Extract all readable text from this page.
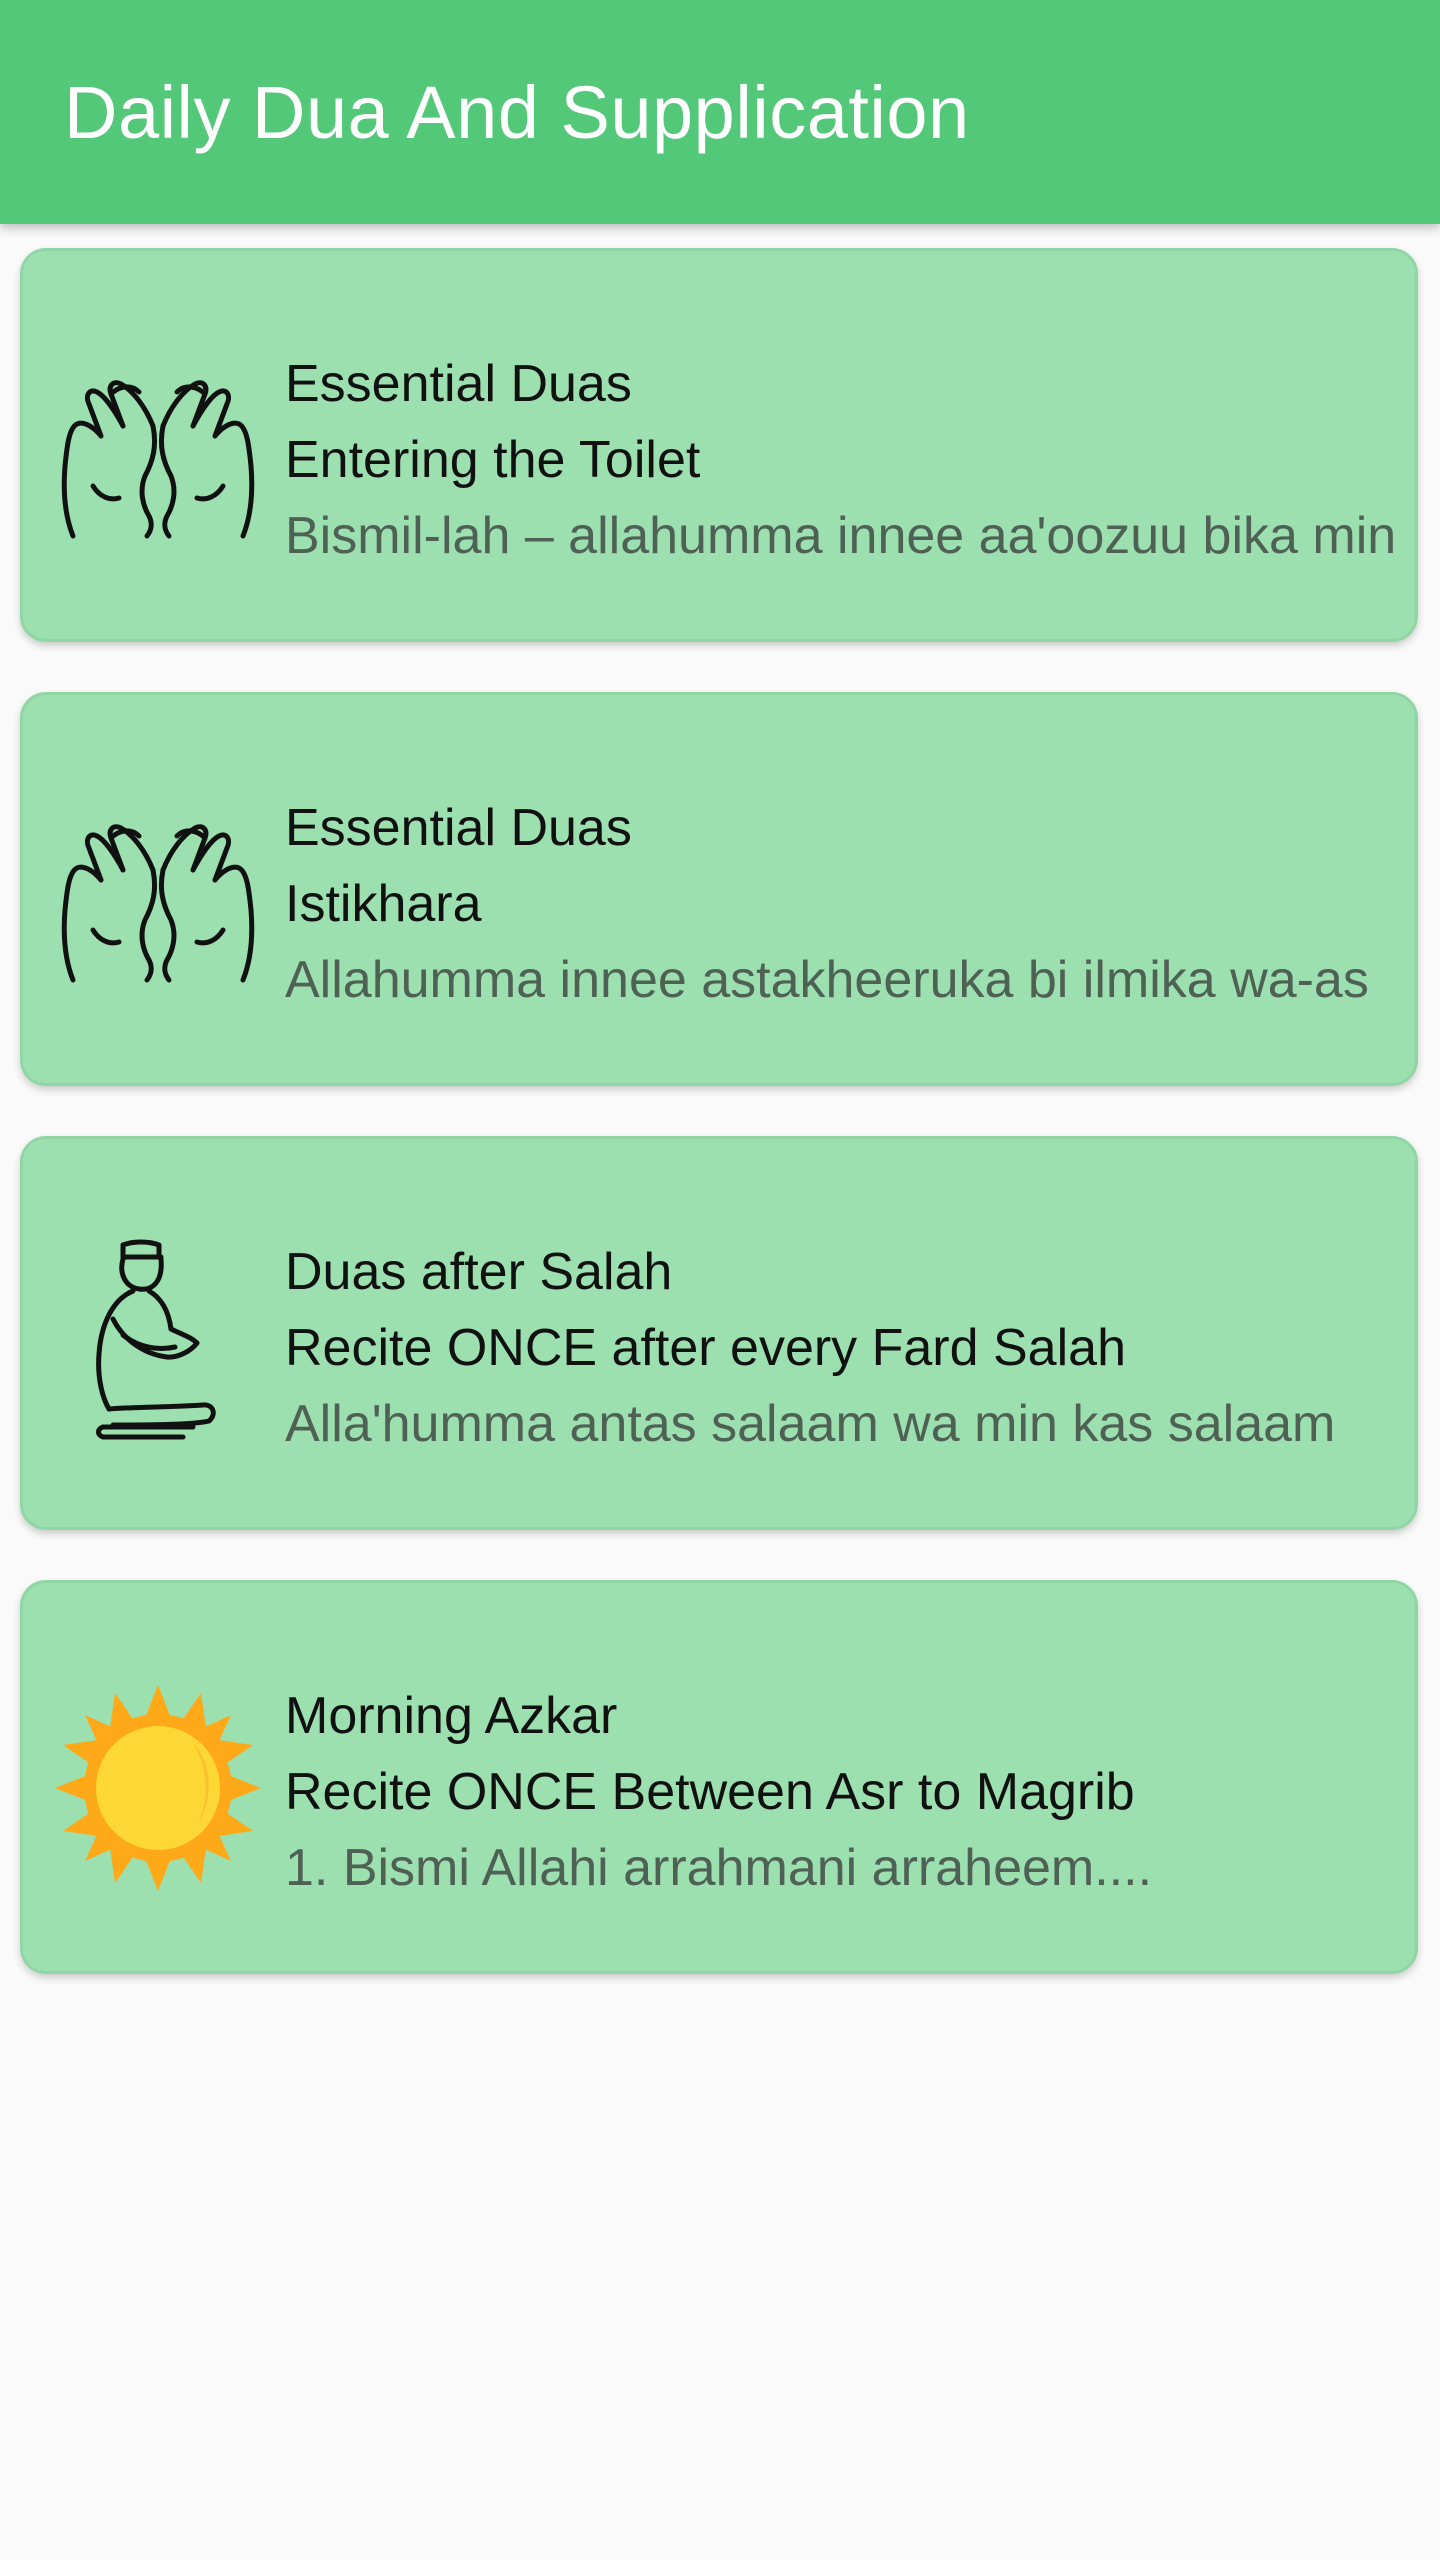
Essential Duas
Entering the Toilet
Bismil-lah – allahumma innee aa'oozuu bika min
Essential Duas
Istikhara
Allahumma innee astakheeruka bi ilmika wa-as
Duas after Salah
Recite ONCE after every Fard Salah
Alla'humma antas salaam wa min kas salaam
Morning Azkar
Recite ONCE Between Asr to Magrib
1. Bismi Allahi arrahmani arraheem....
Daily Dua And Supplication
